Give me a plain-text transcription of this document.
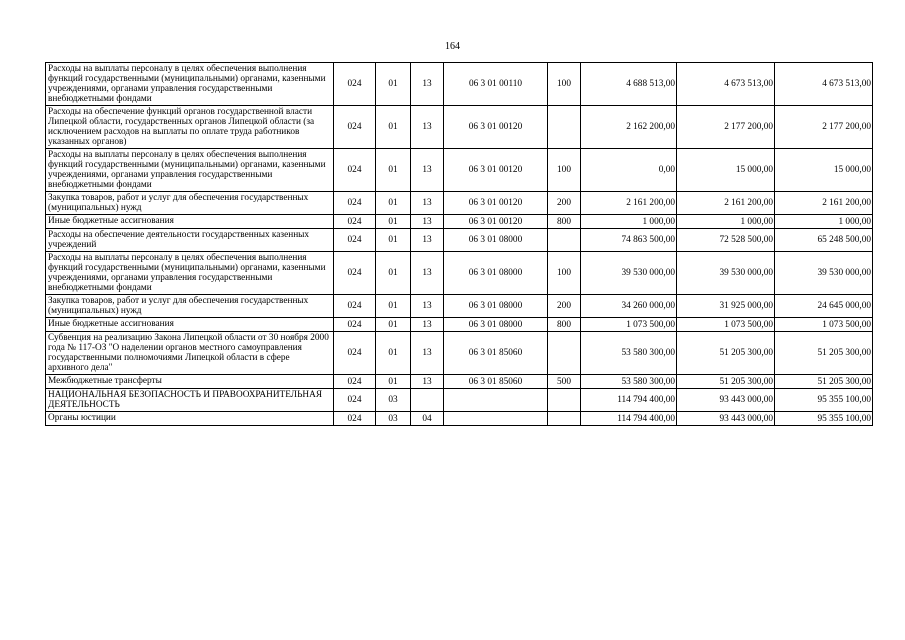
164
Расходы на выплаты персоналу в целях обеспечения выполнения функций государственными (муниципальными) органами, казенными учреждениями, органами управления государственными внебюджетными фондами	024	01	13	06 3 01 00110	100	4 688 513,00	4 673 513,00	4 673 513,00
Расходы на обеспечение функций органов государственной власти Липецкой области, государственных органов Липецкой области (за исключением расходов на выплаты по оплате труда работников указанных органов)	024	01	13	06 3 01 00120		2 162 200,00	2 177 200,00	2 177 200,00
Расходы на выплаты персоналу в целях обеспечения выполнения функций государственными (муниципальными) органами, казенными учреждениями, органами управления государственными внебюджетными фондами	024	01	13	06 3 01 00120	100	0,00	15 000,00	15 000,00
Закупка товаров, работ и услуг для обеспечения государственных (муниципальных) нужд	024	01	13	06 3 01 00120	200	2 161 200,00	2 161 200,00	2 161 200,00
Иные бюджетные ассигнования	024	01	13	06 3 01 00120	800	1 000,00	1 000,00	1 000,00
Расходы на обеспечение деятельности государственных казенных учреждений	024	01	13	06 3 01 08000		74 863 500,00	72 528 500,00	65 248 500,00
Расходы на выплаты персоналу в целях обеспечения выполнения функций государственными (муниципальными) органами, казенными учреждениями, органами управления государственными внебюджетными фондами	024	01	13	06 3 01 08000	100	39 530 000,00	39 530 000,00	39 530 000,00
Закупка товаров, работ и услуг для обеспечения государственных (муниципальных) нужд	024	01	13	06 3 01 08000	200	34 260 000,00	31 925 000,00	24 645 000,00
Иные бюджетные ассигнования	024	01	13	06 3 01 08000	800	1 073 500,00	1 073 500,00	1 073 500,00
Субвенция на реализацию Закона Липецкой области от 30 ноября 2000 года № 117-ОЗ "О наделении органов местного самоуправления государственными полномочиями Липецкой области в сфере архивного дела"	024	01	13	06 3 01 85060		53 580 300,00	51 205 300,00	51 205 300,00
Межбюджетные трансферты	024	01	13	06 3 01 85060	500	53 580 300,00	51 205 300,00	51 205 300,00
НАЦИОНАЛЬНАЯ БЕЗОПАСНОСТЬ И ПРАВООХРАНИТЕЛЬНАЯ ДЕЯТЕЛЬНОСТЬ	024	03				114 794 400,00	93 443 000,00	95 355 100,00
Органы юстиции	024	03	04			114 794 400,00	93 443 000,00	95 355 100,00
